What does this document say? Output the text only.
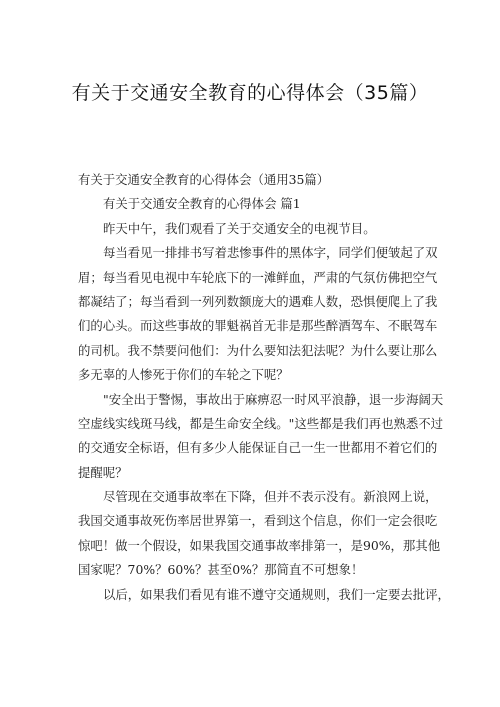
有关于交通安全教育的心得体会（35篇）
有关于交通安全教育的心得体会（通用35篇）
有关于交通安全教育的心得体会 篇1
昨天中午，我们观看了关于交通安全的电视节目。
每当看见一排排书写着悲惨事件的黑体字，同学们便皱起了双
眉；每当看见电视中车轮底下的一滩鲜血，严肃的气氛仿佛把空气
都凝结了；每当看到一列列数额庞大的遇难人数，恐惧便爬上了我
们的心头。而这些事故的罪魁祸首无非是那些醉酒驾车、不眠驾车
的司机。我不禁要问他们：为什么要知法犯法呢？为什么要让那么
多无辜的人惨死于你们的车轮之下呢？
"安全出于警惕，事故出于麻痹忍一时风平浪静，退一步海阔天
空虚线实线斑马线，都是生命安全线。"这些都是我们再也熟悉不过
的交通安全标语，但有多少人能保证自己一生一世都用不着它们的
提醒呢？
尽管现在交通事故率在下降，但并不表示没有。新浪网上说，
我国交通事故死伤率居世界第一，看到这个信息，你们一定会很吃
惊吧！做一个假设，如果我国交通事故率排第一，是90%，那其他
国家呢？70%？60%？甚至0%？那简直不可想象！
以后，如果我们看见有谁不遵守交通规则，我们一定要去批评，
